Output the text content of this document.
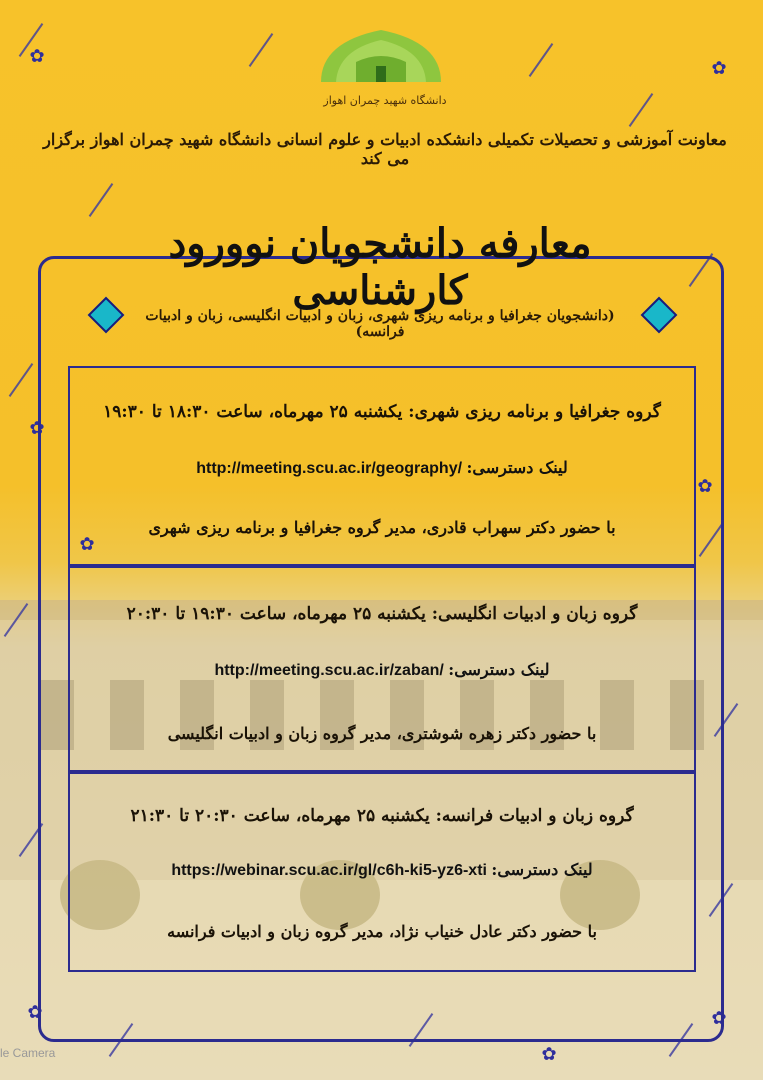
✿
✿
✿
✿
✿
✿
✿
✿
دانشگاه شهید چمران اهواز
معاونت آموزشی و تحصیلات تکمیلی دانشکده ادبیات و علوم انسانی دانشگاه شهید چمران اهواز برگزار می کند
معارفه دانشجویان نوورود کارشناسی
(دانشجویان جغرافیا و برنامه ریزی شهری، زبان و ادبیات انگلیسی، زبان و ادبیات فرانسه)
گروه جغرافیا و برنامه ریزی شهری: یکشنبه ۲۵ مهرماه، ساعت ۱۸:۳۰ تا ۱۹:۳۰
http://meeting.scu.ac.ir/geography/ لینک دسترسی:
با حضور دکتر سهراب قادری، مدیر گروه جغرافیا و برنامه ریزی شهری
گروه زبان و ادبیات انگلیسی: یکشنبه ۲۵ مهرماه، ساعت ۱۹:۳۰ تا ۲۰:۳۰
http://meeting.scu.ac.ir/zaban/ لینک دسترسی:
با حضور دکتر زهره شوشتری، مدیر گروه زبان و ادبیات انگلیسی
گروه زبان و ادبیات فرانسه: یکشنبه ۲۵ مهرماه، ساعت ۲۰:۳۰ تا ۲۱:۳۰
https://webinar.scu.ac.ir/gl/c6h-ki5-yz6-xti لینک دسترسی:
با حضور دکتر عادل خنیاب نژاد، مدیر گروه زبان و ادبیات فرانسه
le Camera
